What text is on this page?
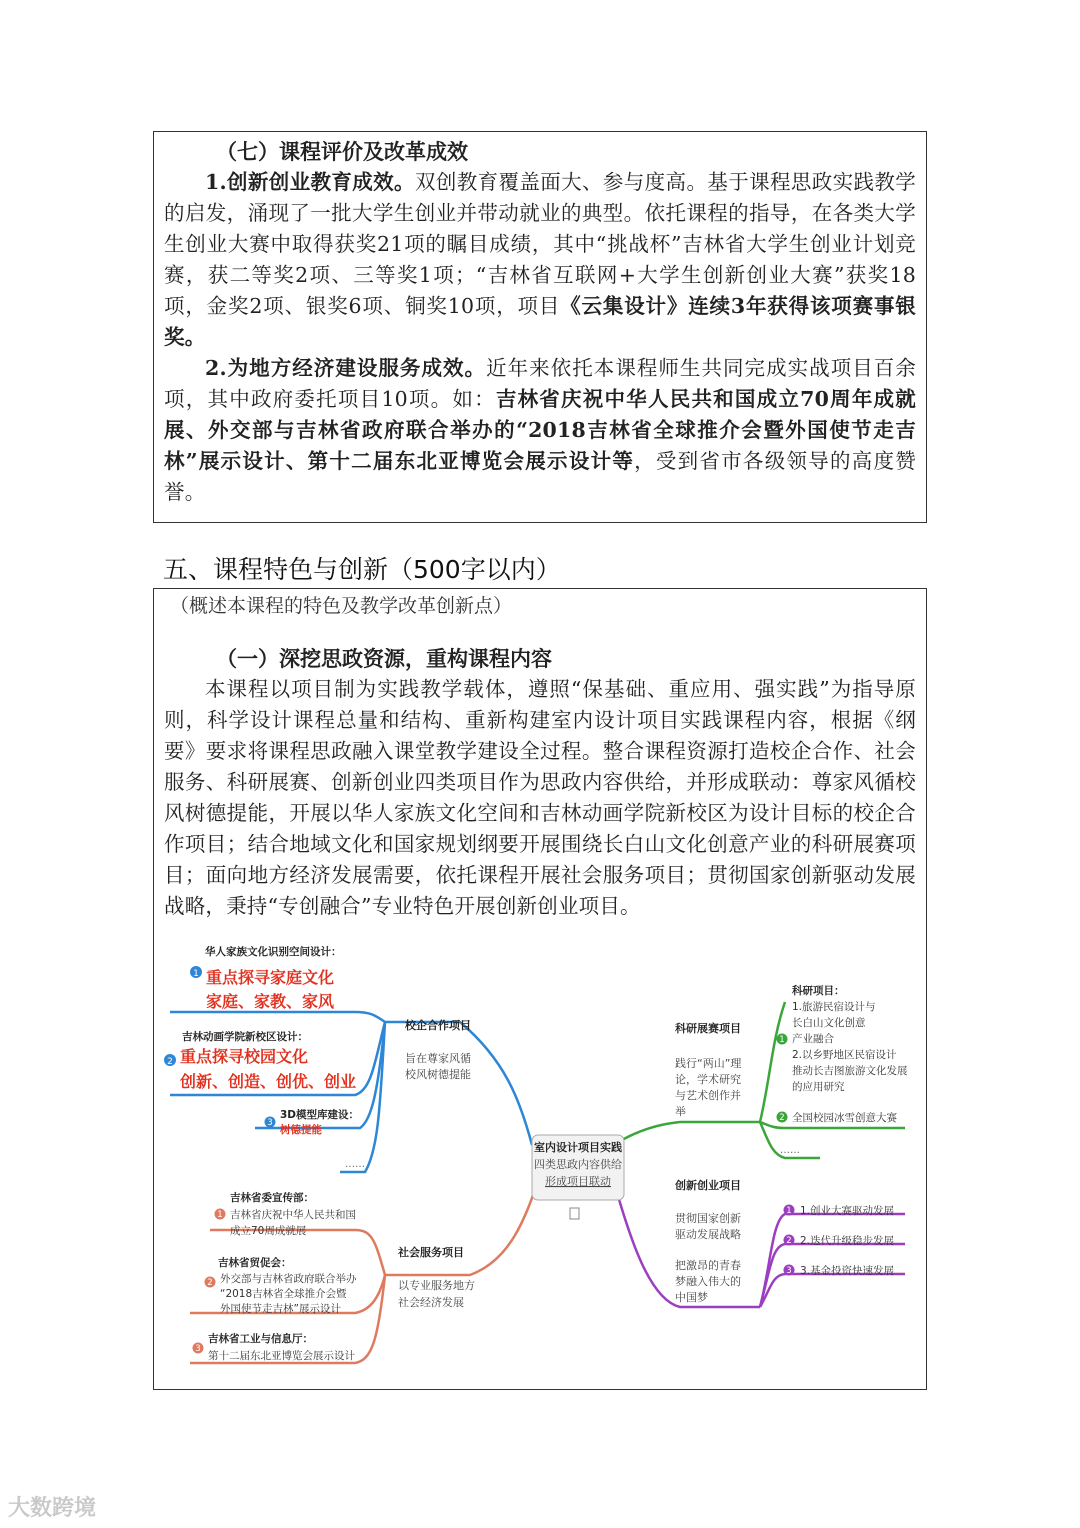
（七）课程评价及改革成效

1.创新创业教育成效。双创教育覆盖面大、参与度高。基于课程思政实践教学的启发，涌现了一批大学生创业并带动就业的典型。依托课程的指导，在各类大学生创业大赛中取得获奖21项的瞩目成绩，其中“挑战杯”吉林省大学生创业计划竞赛，获二等奖2项、三等奖1项；“吉林省互联网+大学生创新创业大赛”获奖18项，金奖2项、银奖6项、铜奖10项，项目《云集设计》连续3年获得该项赛事银奖。

2.为地方经济建设服务成效。近年来依托本课程师生共同完成实战项目百余项，其中政府委托项目10项。如：吉林省庆祝中华人民共和国成立70周年成就展、外交部与吉林省政府联合举办的“2018吉林省全球推介会暨外国使节走吉林”展示设计、第十二届东北亚博览会展示设计等，受到省市各级领导的高度赞誉。

五、课程特色与创新（500字以内）

（概述本课程的特色及教学改革创新点）

（一）深挖思政资源，重构课程内容

本课程以项目制为实践教学载体，遵照“保基础、重应用、强实践”为指导原则，科学设计课程总量和结构、重新构建室内设计项目实践课程内容，根据《纲要》要求将课程思政融入课堂教学建设全过程。整合课程资源打造校企合作、社会服务、科研展赛、创新创业四类项目作为思政内容供给，并形成联动：尊家风循校风树德提能，开展以华人家族文化空间和吉林动画学院新校区为设计目标的校企合作项目；结合地域文化和国家规划纲要开展围绕长白山文化创意产业的科研展赛项目；面向地方经济发展需要，依托课程开展社会服务项目；贯彻国家创新驱动发展战略，秉持“专创融合”专业特色开展创新创业项目。

室内设计项目实践
四类思政内容供给
形成项目联动
校企合作项目
旨在尊家风循
校风树德提能
华人家族文化识别空间设计：
1 重点探寻家庭文化
家庭、家教、家风
吉林动画学院新校区设计：
2 重点探寻校园文化
创新、创造、创优、创业
3
3D模型库建设：
树德提能
……
社会服务项目
以专业服务地方
社会经济发展
吉林省委宣传部：
1 吉林省庆祝中华人民共和国
成立70周成就展
吉林省贸促会：
2 外交部与吉林省政府联合举办
“2018吉林省全球推介会暨
外国使节走吉林”展示设计
吉林省工业与信息厅：
3
第十二届东北亚博览会展示设计
科研展赛项目
践行“两山”理
论，学术研究
与艺术创作并
举
科研项目：
1.旅游民宿设计与
长白山文化创意
1 产业融合
2.以乡野地区民宿设计
推动长吉图旅游文化发展
的应用研究
2 全国校园冰雪创意大赛
……
创新创业项目
贯彻国家创新
驱动发展战略
把激昂的青春
梦融入伟大的
中国梦
1 1.创业大赛驱动发展
2 2.迭代升级稳步发展
3 3.基金投资快速发展
大数跨境
